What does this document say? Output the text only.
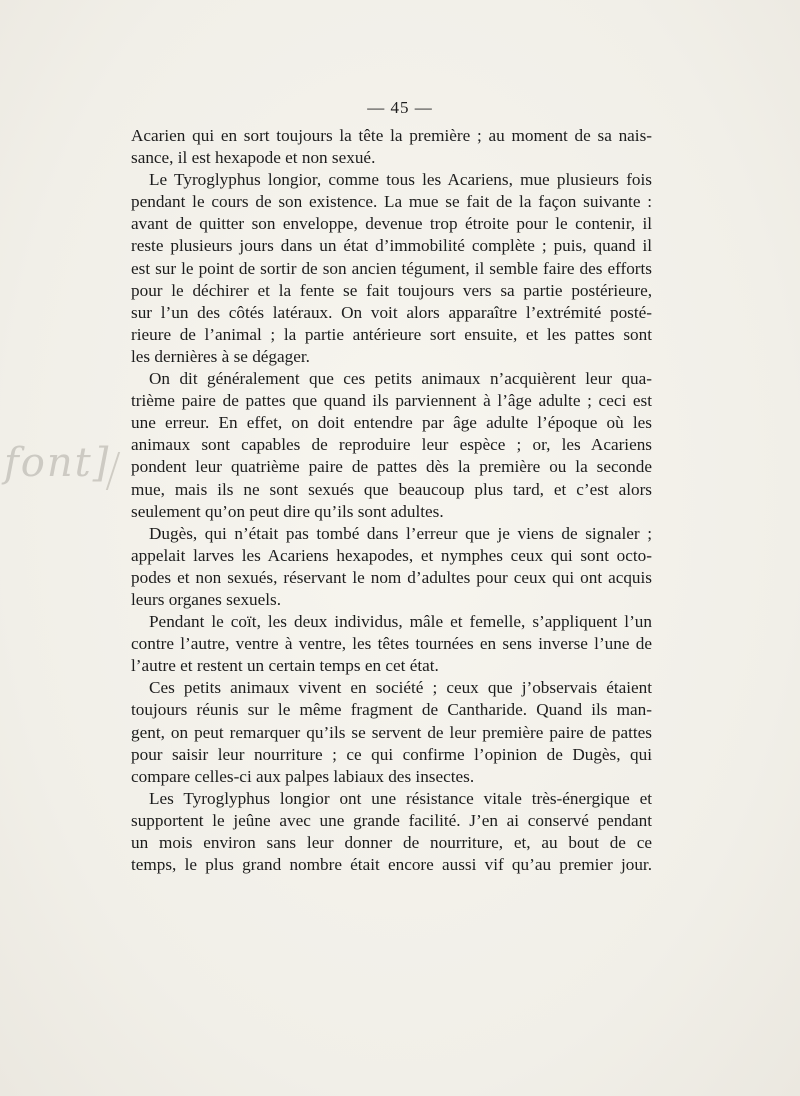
font]
— 45 —
Acarien qui en sort toujours la tête la première ; au moment de sa nais-
sance, il est hexapode et non sexué.
Le Tyroglyphus longior, comme tous les Acariens, mue plusieurs fois
pendant le cours de son existence. La mue se fait de la façon suivante :
avant de quitter son enveloppe, devenue trop étroite pour le contenir, il
reste plusieurs jours dans un état d’immobilité complète ; puis, quand il
est sur le point de sortir de son ancien tégument, il semble faire des efforts
pour le déchirer et la fente se fait toujours vers sa partie postérieure,
sur l’un des côtés latéraux. On voit alors apparaître l’extrémité posté-
rieure de l’animal ; la partie antérieure sort ensuite, et les pattes sont
les dernières à se dégager.
On dit généralement que ces petits animaux n’acquièrent leur qua-
trième paire de pattes que quand ils parviennent à l’âge adulte ; ceci est
une erreur. En effet, on doit entendre par âge adulte l’époque où les
animaux sont capables de reproduire leur espèce ; or, les Acariens
pondent leur quatrième paire de pattes dès la première ou la seconde
mue, mais ils ne sont sexués que beaucoup plus tard, et c’est alors
seulement qu’on peut dire qu’ils sont adultes.
Dugès, qui n’était pas tombé dans l’erreur que je viens de signaler ;
appelait larves les Acariens hexapodes, et nymphes ceux qui sont octo-
podes et non sexués, réservant le nom d’adultes pour ceux qui ont acquis
leurs organes sexuels.
Pendant le coït, les deux individus, mâle et femelle, s’appliquent l’un
contre l’autre, ventre à ventre, les têtes tournées en sens inverse l’une de
l’autre et restent un certain temps en cet état.
Ces petits animaux vivent en société ; ceux que j’observais étaient
toujours réunis sur le même fragment de Cantharide. Quand ils man-
gent, on peut remarquer qu’ils se servent de leur première paire de pattes
pour saisir leur nourriture ; ce qui confirme l’opinion de Dugès, qui
compare celles-ci aux palpes labiaux des insectes.
Les Tyroglyphus longior ont une résistance vitale très-énergique et
supportent le jeûne avec une grande facilité. J’en ai conservé pendant
un mois environ sans leur donner de nourriture, et, au bout de ce
temps, le plus grand nombre était encore aussi vif qu’au premier jour.
